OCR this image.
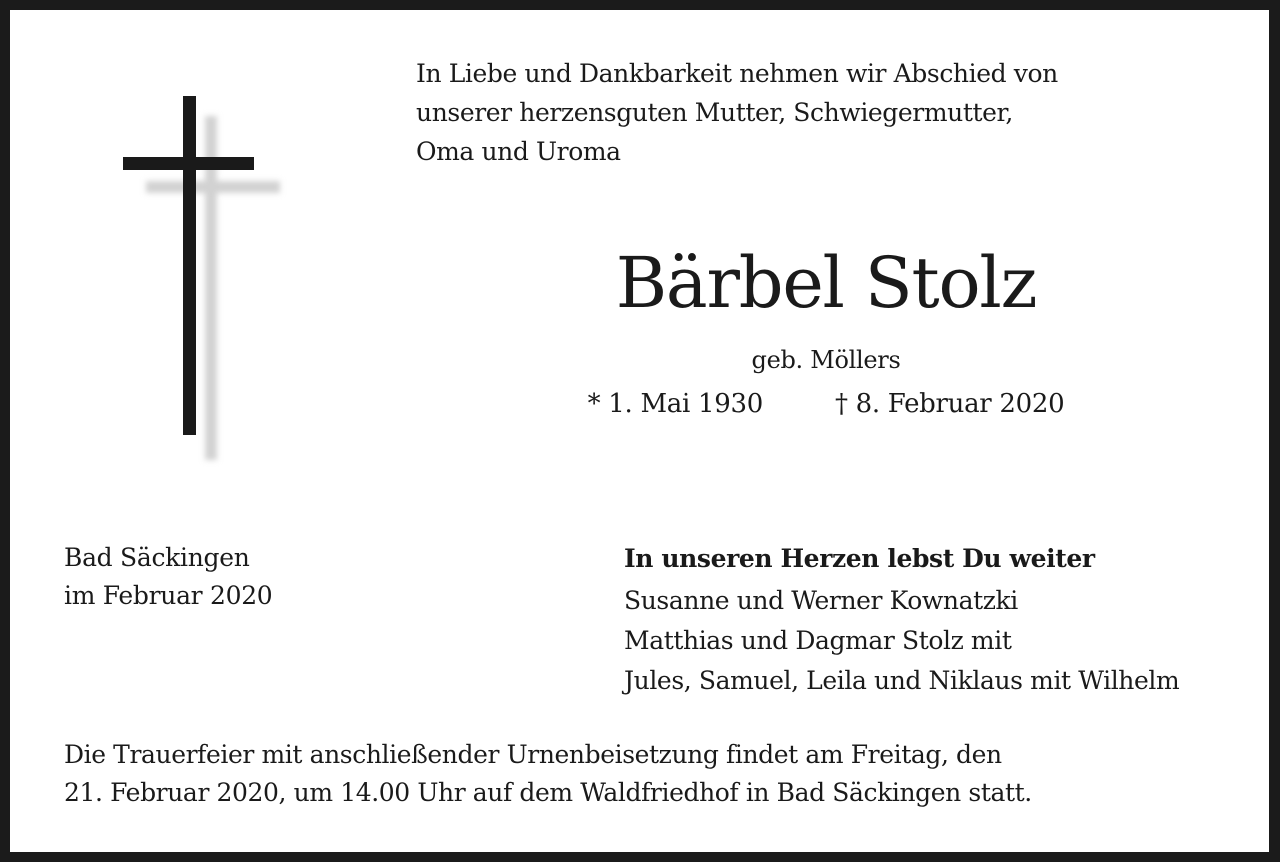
In Liebe und Dankbarkeit nehmen wir Abschied von
unserer herzensguten Mutter, Schwiegermutter,
Oma und Uroma
Bärbel Stolz
geb. Möllers
* 1. Mai 1930	† 8. Februar 2020
Bad Säckingen
im Februar 2020
In unseren Herzen lebst Du weiter
Susanne und Werner Kownatzki
Matthias und Dagmar Stolz mit
Jules, Samuel, Leila und Niklaus mit Wilhelm
Die Trauerfeier mit anschließender Urnenbeisetzung findet am Freitag, den
21. Februar 2020, um 14.00 Uhr auf dem Waldfriedhof in Bad Säckingen statt.
